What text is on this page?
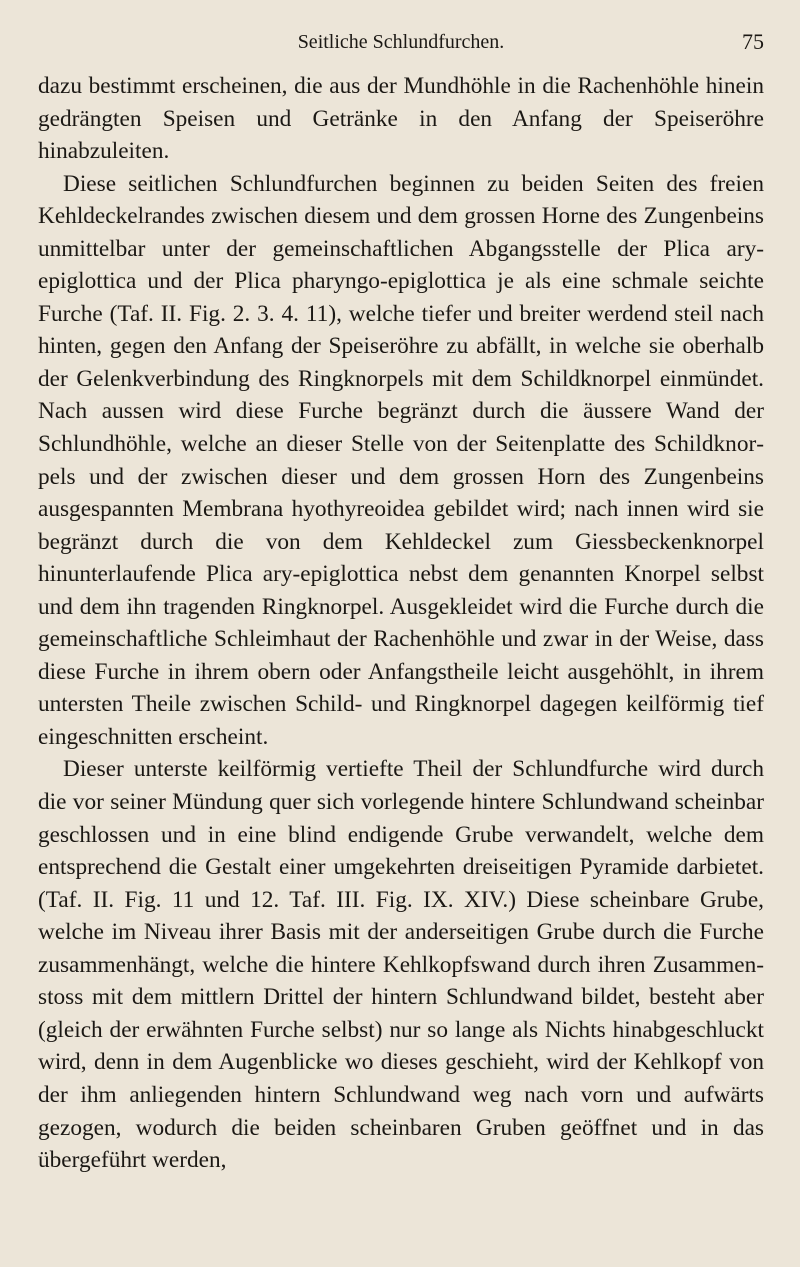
Seitliche Schlundfurchen.	75

dazu bestimmt erscheinen, die aus der Mundhöhle in die Rachenhöhle hinein gedrängten Speisen und Getränke in den Anfang der Speiseröhre hinabzuleiten.

Diese seitlichen Schlundfurchen beginnen zu beiden Seiten des freien Kehldeckelrandes zwischen diesem und dem grossen Horne des Zungenbeins unmittelbar unter der gemeinschaftlichen Abgangsstelle der Plica ary-epiglottica und der Plica pharyngo-epiglottica je als eine schmale seichte Furche (Taf. II. Fig. 2. 3. 4. 11), welche tiefer und breiter werdend steil nach hinten, gegen den Anfang der Speiseröhre zu abfällt, in welche sie oberhalb der Gelenkverbindung des Ringknorpels mit dem Schildknorpel einmündet. Nach aussen wird diese Furche begränzt durch die äussere Wand der Schlundhöhle, welche an dieser Stelle von der Seitenplatte des Schildknorpels und der zwischen dieser und dem grossen Horn des Zungenbeins ausgespannten Membrana hyothyreoidea gebildet wird; nach innen wird sie begränzt durch die von dem Kehldeckel zum Giessbeckenknorpel hinunterlaufende Plica ary-epiglottica nebst dem genannten Knorpel selbst und dem ihn tragenden Ringknorpel. Ausgekleidet wird die Furche durch die gemeinschaftliche Schleimhaut der Rachenhöhle und zwar in der Weise, dass diese Furche in ihrem obern oder Anfangstheile leicht ausgehöhlt, in ihrem untersten Theile zwischen Schild- und Ringknorpel dagegen keilförmig tief eingeschnitten erscheint.

Dieser unterste keilförmig vertiefte Theil der Schlundfurche wird durch die vor seiner Mündung quer sich vorlegende hintere Schlundwand scheinbar geschlossen und in eine blind endigende Grube verwandelt, welche dem entsprechend die Gestalt einer umgekehrten dreiseitigen Pyramide darbietet. (Taf. II. Fig. 11 und 12. Taf. III. Fig. IX. XIV.) Diese scheinbare Grube, welche im Niveau ihrer Basis mit der anderseitigen Grube durch die Furche zusammenhängt, welche die hintere Kehlkopfswand durch ihren Zusammenstoss mit dem mittlern Drittel der hintern Schlundwand bildet, besteht aber (gleich der erwähnten Furche selbst) nur so lange als Nichts hinabgeschluckt wird, denn in dem Augenblicke wo dieses geschieht, wird der Kehlkopf von der ihm anliegenden hintern Schlundwand weg nach vorn und aufwärts gezogen, wodurch die beiden scheinbaren Gruben geöffnet und in das übergeführt werden,
